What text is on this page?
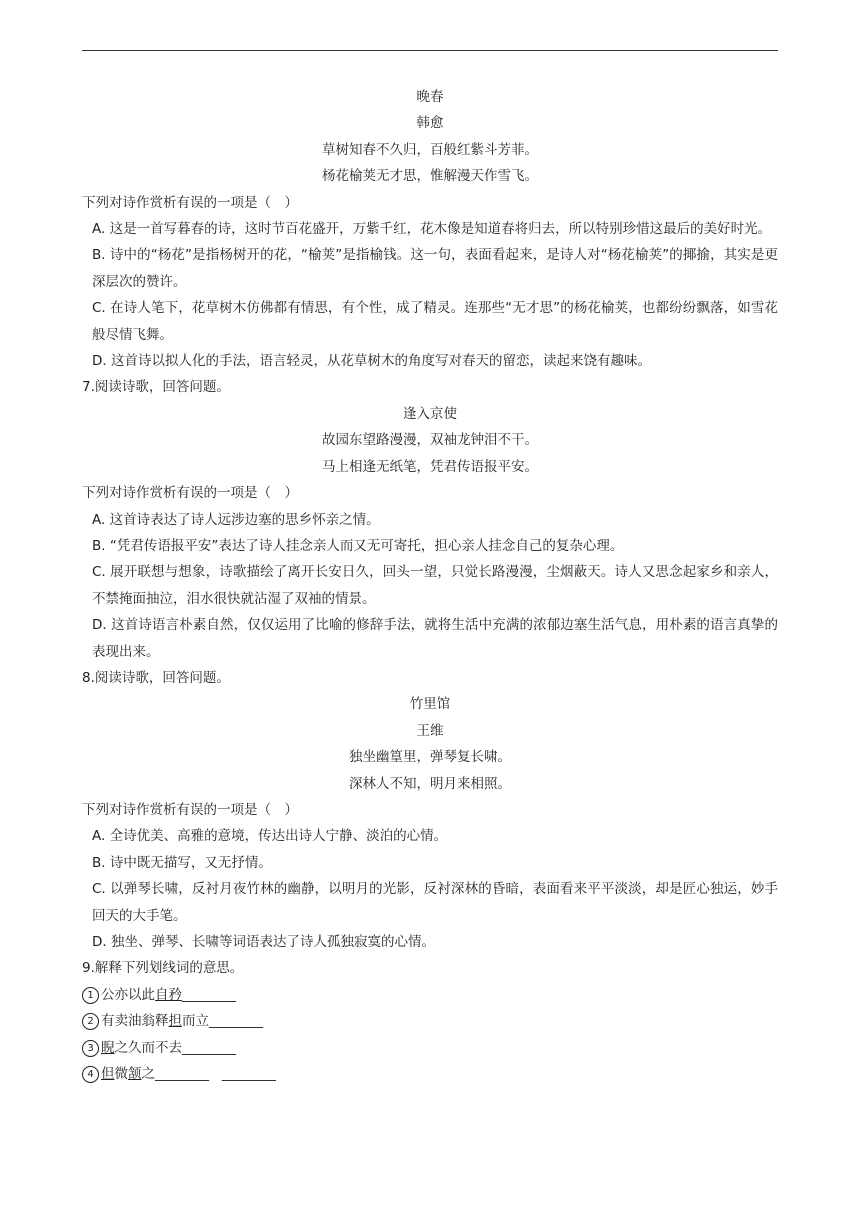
晚春
韩愈
草树知春不久归，百般红紫斗芳菲。
杨花榆荚无才思，惟解漫天作雪飞。
下列对诗作赏析有误的一项是（　）
A. 这是一首写暮春的诗，这时节百花盛开，万紫千红，花木像是知道春将归去，所以特别珍惜这最后的美好时光。
B. 诗中的“杨花”是指杨树开的花，“榆荚”是指榆钱。这一句，表面看起来，是诗人对“杨花榆荚”的揶揄，其实是更深层次的赞许。
C. 在诗人笔下，花草树木仿佛都有情思，有个性，成了精灵。连那些“无才思”的杨花榆荚，也都纷纷飘落，如雪花般尽情飞舞。
D. 这首诗以拟人化的手法，语言轻灵，从花草树木的角度写对春天的留恋，读起来饶有趣味。
7.阅读诗歌，回答问题。
逢入京使
故园东望路漫漫，双袖龙钟泪不干。
马上相逢无纸笔，凭君传语报平安。
下列对诗作赏析有误的一项是（　）
A. 这首诗表达了诗人远涉边塞的思乡怀亲之情。
B. “凭君传语报平安”表达了诗人挂念亲人而又无可寄托，担心亲人挂念自己的复杂心理。
C. 展开联想与想象，诗歌描绘了离开长安日久，回头一望，只觉长路漫漫，尘烟蔽天。诗人又思念起家乡和亲人，不禁掩面抽泣，泪水很快就沾湿了双袖的情景。
D. 这首诗语言朴素自然，仅仅运用了比喻的修辞手法，就将生活中充满的浓郁边塞生活气息，用朴素的语言真挚的表现出来。
8.阅读诗歌，回答问题。
竹里馆
王维
独坐幽篁里，弹琴复长啸。
深林人不知，明月来相照。
下列对诗作赏析有误的一项是（　）
A. 全诗优美、高雅的意境，传达出诗人宁静、淡泊的心情。
B. 诗中既无描写，又无抒情。
C. 以弹琴长啸，反衬月夜竹林的幽静，以明月的光影，反衬深林的昏暗，表面看来平平淡淡，却是匠心独运，妙手回天的大手笔。
D. 独坐、弹琴、长啸等词语表达了诗人孤独寂寞的心情。
9.解释下列划线词的意思。
1 公亦以此自矜________
2 有卖油翁释担而立________
3 睨之久而不去________
4 但微颔之________ ________
